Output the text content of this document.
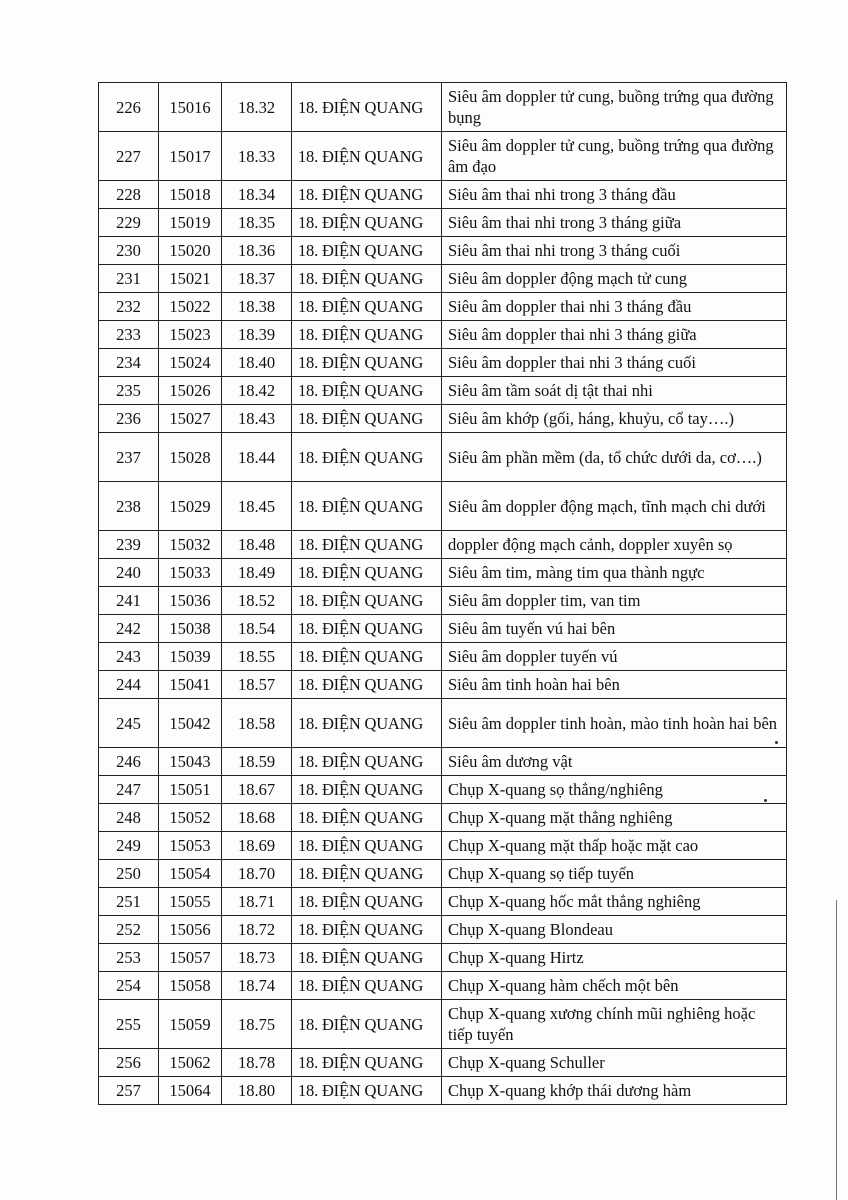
226	15016	18.32	18. ĐIỆN QUANG	Siêu âm doppler tử cung, buồng trứng qua đường bụng
227	15017	18.33	18. ĐIỆN QUANG	Siêu âm doppler tử cung, buồng trứng qua đường âm đạo
228	15018	18.34	18. ĐIỆN QUANG	Siêu âm thai nhi trong 3 tháng đầu
229	15019	18.35	18. ĐIỆN QUANG	Siêu âm thai nhi trong 3 tháng giữa
230	15020	18.36	18. ĐIỆN QUANG	Siêu âm thai nhi trong 3 tháng cuối
231	15021	18.37	18. ĐIỆN QUANG	Siêu âm doppler động mạch tử cung
232	15022	18.38	18. ĐIỆN QUANG	Siêu âm doppler thai nhi 3 tháng đầu
233	15023	18.39	18. ĐIỆN QUANG	Siêu âm doppler thai nhi 3 tháng giữa
234	15024	18.40	18. ĐIỆN QUANG	Siêu âm doppler thai nhi 3 tháng cuối
235	15026	18.42	18. ĐIỆN QUANG	Siêu âm tầm soát dị tật thai nhi
236	15027	18.43	18. ĐIỆN QUANG	Siêu âm khớp (gối, háng, khuỷu, cổ tay….)
237	15028	18.44	18. ĐIỆN QUANG	Siêu âm phần mềm (da, tổ chức dưới da, cơ….)
238	15029	18.45	18. ĐIỆN QUANG	Siêu âm doppler động mạch, tĩnh mạch chi dưới
239	15032	18.48	18. ĐIỆN QUANG	doppler động mạch cảnh, doppler xuyên sọ
240	15033	18.49	18. ĐIỆN QUANG	Siêu âm tim, màng tim qua thành ngực
241	15036	18.52	18. ĐIỆN QUANG	Siêu âm doppler tim, van tim
242	15038	18.54	18. ĐIỆN QUANG	Siêu âm tuyến vú hai bên
243	15039	18.55	18. ĐIỆN QUANG	Siêu âm doppler tuyến vú
244	15041	18.57	18. ĐIỆN QUANG	Siêu âm tinh hoàn hai bên
245	15042	18.58	18. ĐIỆN QUANG	Siêu âm doppler tinh hoàn, mào tinh hoàn hai bên
246	15043	18.59	18. ĐIỆN QUANG	Siêu âm dương vật
247	15051	18.67	18. ĐIỆN QUANG	Chụp X-quang sọ thẳng/nghiêng
248	15052	18.68	18. ĐIỆN QUANG	Chụp X-quang mặt thẳng nghiêng
249	15053	18.69	18. ĐIỆN QUANG	Chụp X-quang mặt thấp hoặc mặt cao
250	15054	18.70	18. ĐIỆN QUANG	Chụp X-quang sọ tiếp tuyến
251	15055	18.71	18. ĐIỆN QUANG	Chụp X-quang hốc mắt thẳng nghiêng
252	15056	18.72	18. ĐIỆN QUANG	Chụp X-quang Blondeau
253	15057	18.73	18. ĐIỆN QUANG	Chụp X-quang Hirtz
254	15058	18.74	18. ĐIỆN QUANG	Chụp X-quang hàm chếch một bên
255	15059	18.75	18. ĐIỆN QUANG	Chụp X-quang xương chính mũi nghiêng hoặc tiếp tuyến
256	15062	18.78	18. ĐIỆN QUANG	Chụp X-quang Schuller
257	15064	18.80	18. ĐIỆN QUANG	Chụp X-quang khớp thái dương hàm
